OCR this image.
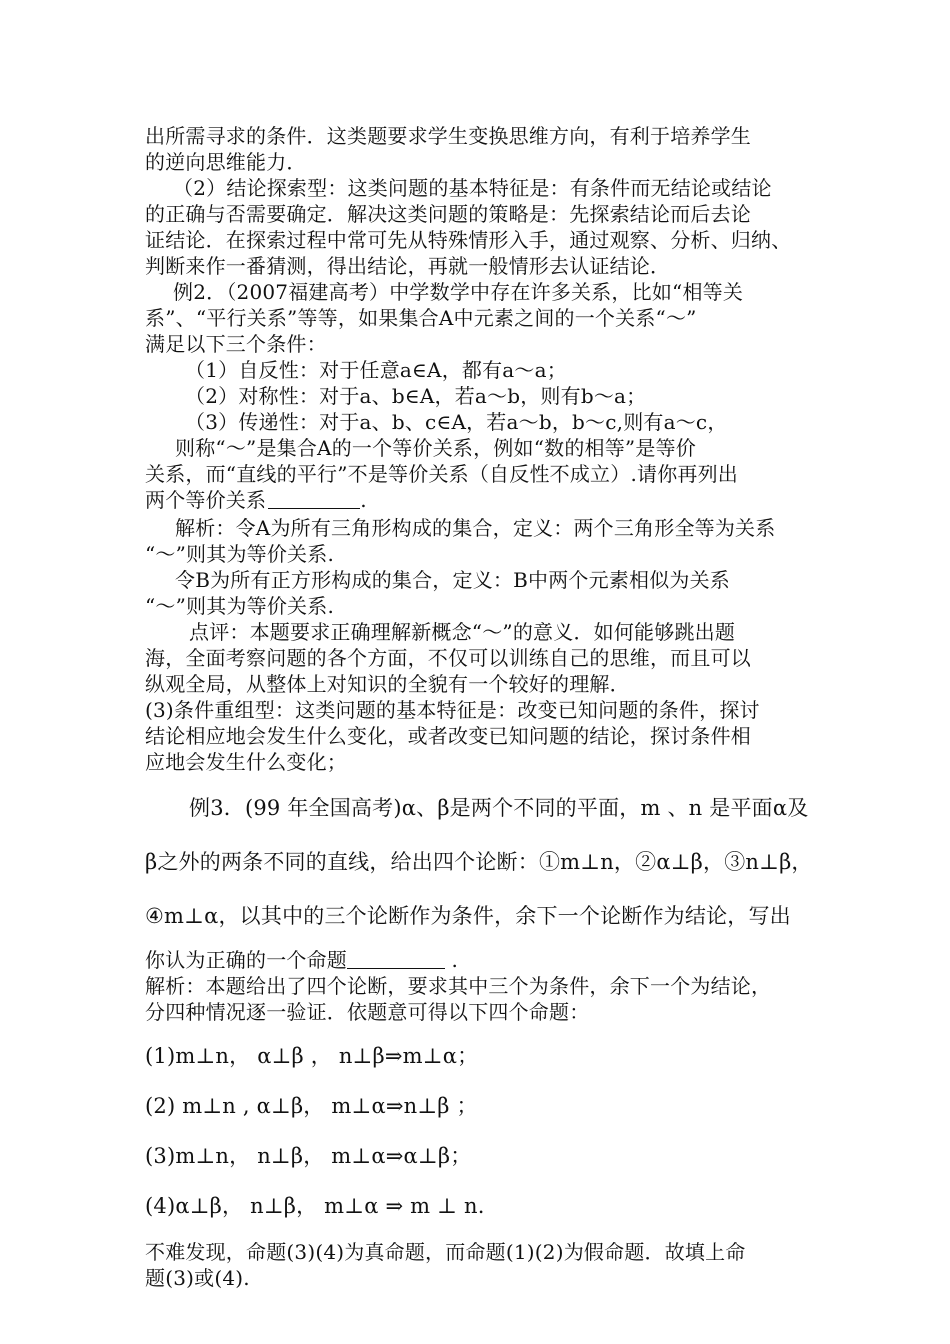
出所需寻求的条件．这类题要求学生变换思维方向，有利于培养学生
的逆向思维能力．
（2）结论探索型：这类问题的基本特征是：有条件而无结论或结论
的正确与否需要确定．解决这类问题的策略是：先探索结论而后去论
证结论．在探索过程中常可先从特殊情形入手，通过观察、分析、归纳、
判断来作一番猜测，得出结论，再就一般情形去认证结论．
例2．（2007福建高考）中学数学中存在许多关系，比如“相等关
系”、“平行关系”等等，如果集合A中元素之间的一个关系“～”
满足以下三个条件：
（1）自反性：对于任意a∈A，都有a～a；
（2）对称性：对于a、b∈A，若a～b，则有b～a；
（3）传递性：对于a、b、c∈A，若a～b，b～c,则有a～c，
则称“～”是集合A的一个等价关系，例如“数的相等”是等价
关系，而“直线的平行”不是等价关系（自反性不成立）.请你再列出
两个等价关系	.
解析：令A为所有三角形构成的集合，定义：两个三角形全等为关系
“～”则其为等价关系.
令B为所有正方形构成的集合，定义：B中两个元素相似为关系
“～”则其为等价关系.
点评：本题要求正确理解新概念“～”的意义．如何能够跳出题
海，全面考察问题的各个方面，不仅可以训练自己的思维，而且可以
纵观全局，从整体上对知识的全貌有一个较好的理解．
(3)条件重组型：这类问题的基本特征是：改变已知问题的条件，探讨
结论相应地会发生什么变化，或者改变已知问题的结论，探讨条件相
应地会发生什么变化；
例3．(99 年全国高考)α、β是两个不同的平面，m 、n 是平面α及
β之外的两条不同的直线，给出四个论断：①m⊥n，②α⊥β，③n⊥β，
④m⊥α，以其中的三个论断作为条件，余下一个论断作为结论，写出
你认为正确的一个命题	.
解析：本题给出了四个论断，要求其中三个为条件，余下一个为结论，
分四种情况逐一验证．依题意可得以下四个命题：
(1)m⊥n， α⊥β ， n⊥β⇒m⊥α；
(2) m⊥n , α⊥β， m⊥α⇒n⊥β ；
(3)m⊥n， n⊥β， m⊥α⇒α⊥β；
(4)α⊥β， n⊥β， m⊥α ⇒ m ⊥ n.
不难发现，命题(3)(4)为真命题，而命题(1)(2)为假命题．故填上命
题(3)或(4).
